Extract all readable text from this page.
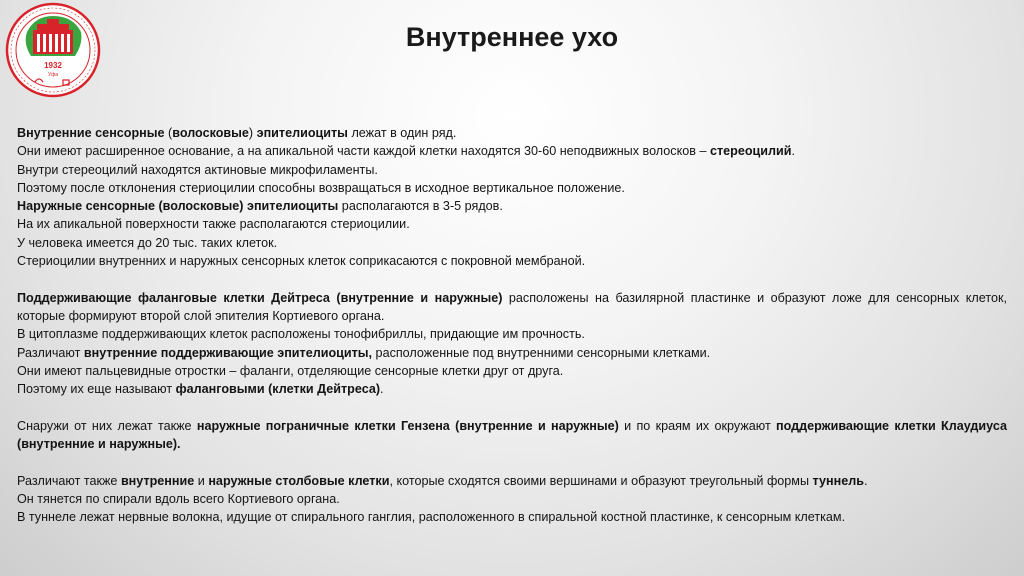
1932
Уфа
Внутреннее ухо

Внутренние сенсорные (волосковые) эпителиоциты лежат в один ряд.

Они имеют расширенное основание, а на апикальной части каждой клетки находятся 30-60 неподвижных волосков – стереоцилий.

Внутри стереоцилий находятся актиновые микрофиламенты.

Поэтому после отклонения стериоцилии способны возвращаться в исходное вертикальное положение.

Наружные сенсорные (волосковые) эпителиоциты располагаются в 3-5 рядов.

На их апикальной поверхности также располагаются стериоцилии.

У человека имеется до 20 тыс. таких клеток.

Стериоцилии внутренних и наружных сенсорных клеток соприкасаются с покровной мембраной.

Поддерживающие фаланговые клетки Дейтреса (внутренние и наружные) расположены на базилярной пластинке и образуют ложе для сенсорных клеток, которые формируют второй слой эпителия Кортиевого органа.

В цитоплазме поддерживающих клеток расположены тонофибриллы, придающие им прочность.

Различают внутренние поддерживающие эпителиоциты, расположенные под внутренними сенсорными клетками.

Они имеют пальцевидные отростки – фаланги, отделяющие сенсорные клетки друг от друга.

Поэтому их еще называют фаланговыми (клетки Дейтреса).

Снаружи от них лежат также наружные пограничные клетки Гензена (внутренние и наружные) и по краям их окружают поддерживающие клетки Клаудиуса (внутренние и наружные).

Различают также внутренние и наружные столбовые клетки, которые сходятся своими вершинами и образуют треугольный формы туннель.

Он тянется по спирали вдоль всего Кортиевого органа.

В туннеле лежат нервные волокна, идущие от спирального ганглия, расположенного в спиральной костной пластинке, к сенсорным клеткам.
